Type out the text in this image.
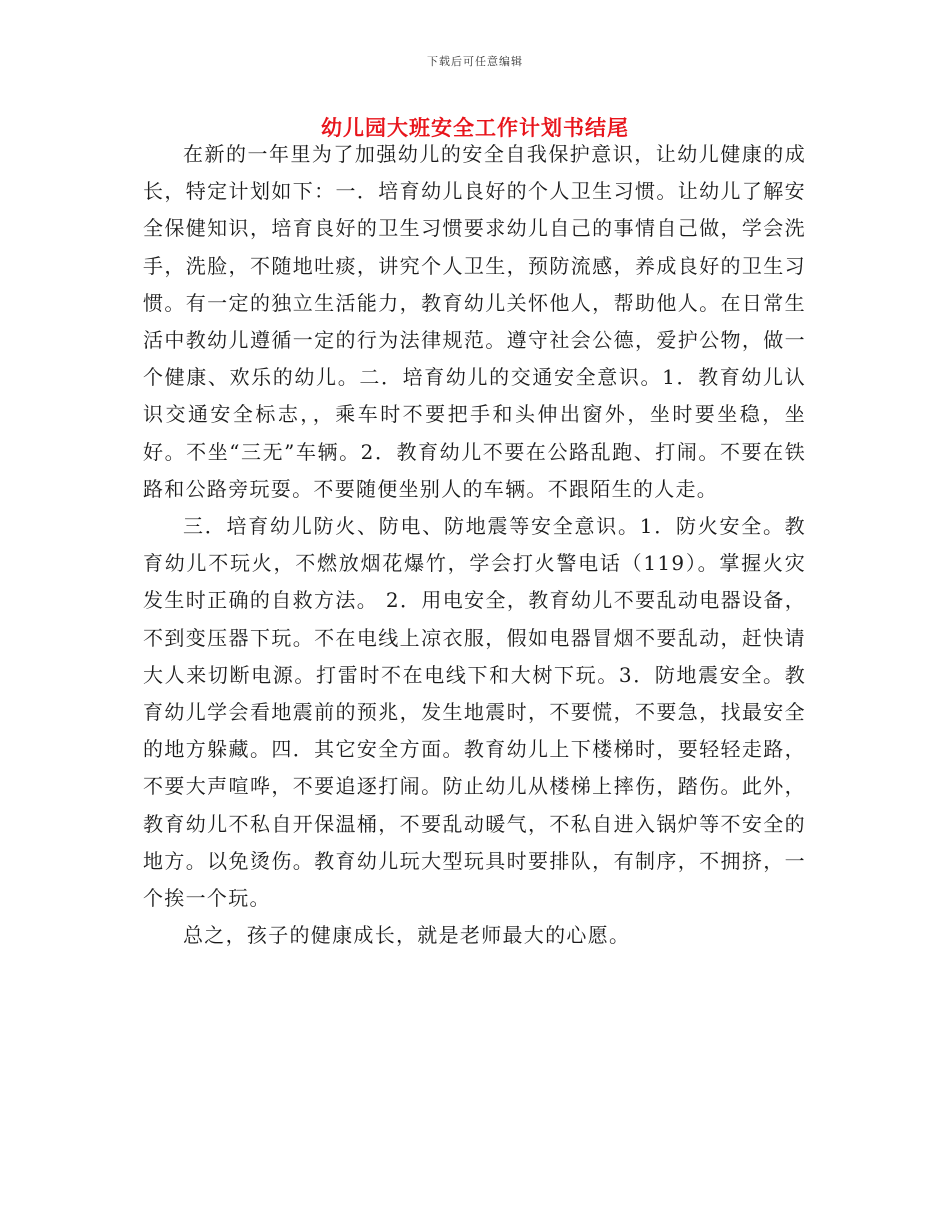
下载后可任意编辑
幼儿园大班安全工作计划书结尾

在新的一年里为了加强幼儿的安全自我保护意识，让幼儿健康的成长，特定计划如下：一．培育幼儿良好的个人卫生习惯。让幼儿了解安全保健知识，培育良好的卫生习惯要求幼儿自己的事情自己做，学会洗手，洗脸，不随地吐痰，讲究个人卫生，预防流感，养成良好的卫生习惯。有一定的独立生活能力，教育幼儿关怀他人，帮助他人。在日常生活中教幼儿遵循一定的行为法律规范。遵守社会公德，爱护公物，做一个健康、欢乐的幼儿。二．培育幼儿的交通安全意识。1．教育幼儿认识交通安全标志，，乘车时不要把手和头伸出窗外，坐时要坐稳，坐好。不坐“三无”车辆。2．教育幼儿不要在公路乱跑、打闹。不要在铁路和公路旁玩耍。不要随便坐别人的车辆。不跟陌生的人走。

三．培育幼儿防火、防电、防地震等安全意识。1．防火安全。教育幼儿不玩火，不燃放烟花爆竹，学会打火警电话（119）。掌握火灾发生时正确的自救方法。 2．用电安全，教育幼儿不要乱动电器设备，不到变压器下玩。不在电线上凉衣服，假如电器冒烟不要乱动，赶快请大人来切断电源。打雷时不在电线下和大树下玩。3．防地震安全。教育幼儿学会看地震前的预兆，发生地震时，不要慌，不要急，找最安全的地方躲藏。四．其它安全方面。教育幼儿上下楼梯时，要轻轻走路，不要大声喧哗，不要追逐打闹。防止幼儿从楼梯上摔伤，踏伤。此外，教育幼儿不私自开保温桶，不要乱动暖气，不私自进入锅炉等不安全的地方。以免烫伤。教育幼儿玩大型玩具时要排队，有制序，不拥挤，一个挨一个玩。

总之，孩子的健康成长，就是老师最大的心愿。
